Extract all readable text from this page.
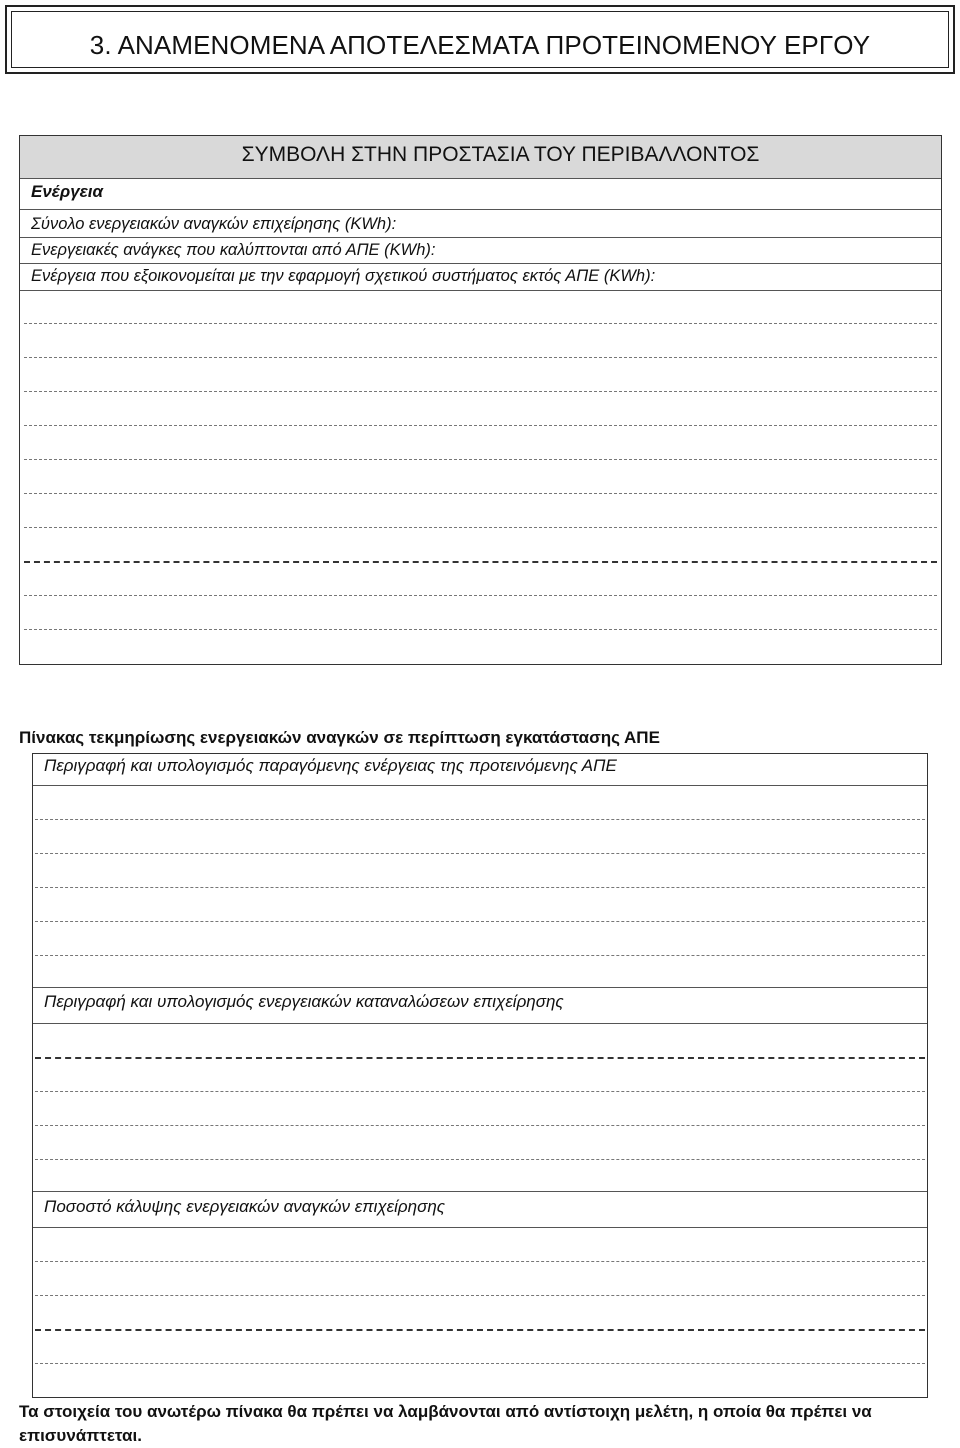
3. ΑΝΑΜΕΝΟΜΕΝΑ ΑΠΟΤΕΛΕΣΜΑΤΑ ΠΡΟΤΕΙΝΟΜΕΝΟΥ ΕΡΓΟΥ
ΣΥΜΒΟΛΗ ΣΤΗΝ ΠΡΟΣΤΑΣΙΑ ΤΟΥ ΠΕΡΙΒΑΛΛΟΝΤΟΣ
Ενέργεια
Σύνολο ενεργειακών αναγκών επιχείρησης (KWh):
Ενεργειακές ανάγκες που καλύπτονται από ΑΠΕ (KWh):
Ενέργεια που εξοικονομείται με την εφαρμογή σχετικού συστήματος εκτός ΑΠΕ (KWh):
Πίνακας τεκμηρίωσης ενεργειακών αναγκών σε περίπτωση εγκατάστασης ΑΠΕ
Περιγραφή και υπολογισμός παραγόμενης ενέργειας της προτεινόμενης ΑΠΕ
Περιγραφή και υπολογισμός ενεργειακών καταναλώσεων επιχείρησης
Ποσοστό κάλυψης ενεργειακών αναγκών επιχείρησης
Τα στοιχεία του ανωτέρω πίνακα θα πρέπει να λαμβάνονται από αντίστοιχη μελέτη, η οποία θα πρέπει να επισυνάπτεται.
